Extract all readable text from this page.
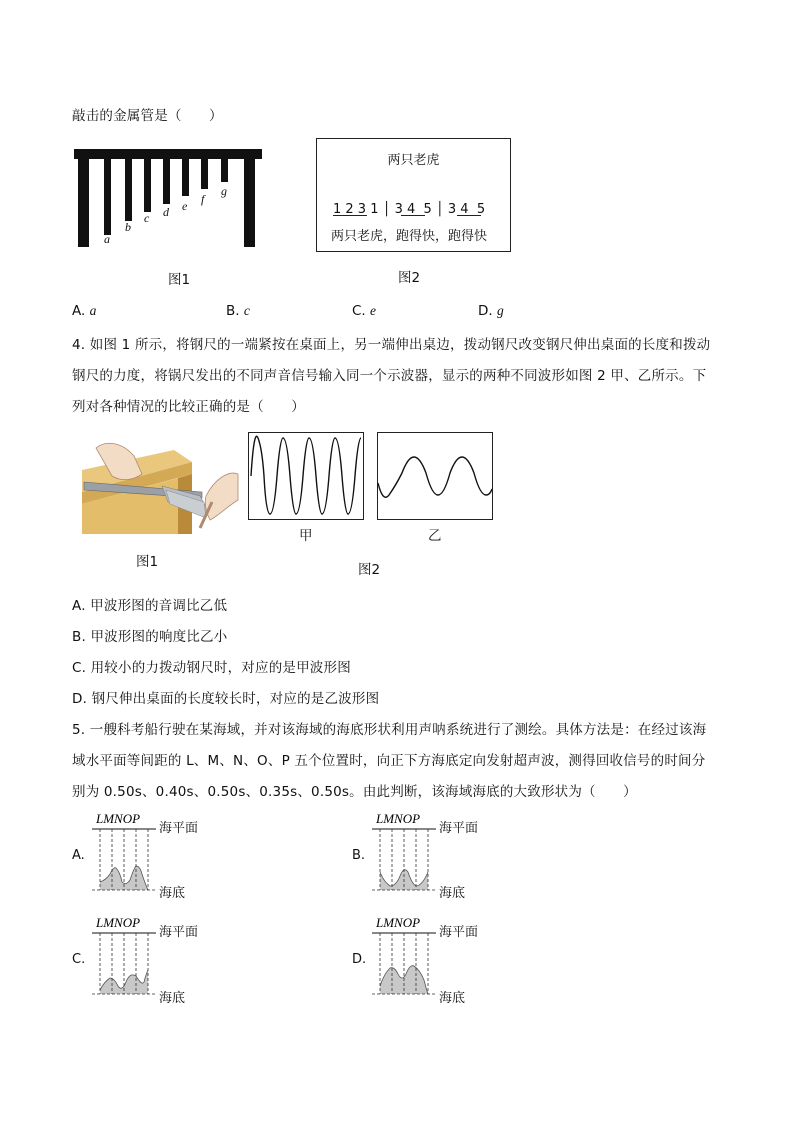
敲击的金属管是（　　）
a
b
c d e f
g
图1
两只老虎
1 2 3 1 │ 3 4  5 │ 3 4  5
两只老虎，跑得快，跑得快
图2
A. a	B. c	C. e	D. g
4. 如图 1 所示，将钢尺的一端紧按在桌面上，另一端伸出桌边，拨动钢尺改变钢尺伸出桌面的长度和拨动
钢尺的力度，将锅尺发出的不同声音信号输入同一个示波器，显示的两种不同波形如图 2 甲、乙所示。下
列对各种情况的比较正确的是（　　）
图1
甲	乙
图2
A. 甲波形图的音调比乙低
B. 甲波形图的响度比乙小
C. 用较小的力拨动钢尺时，对应的是甲波形图
D. 钢尺伸出桌面的长度较长时，对应的是乙波形图
5. 一艘科考船行驶在某海域，并对该海域的海底形状利用声呐系统进行了测绘。具体方法是：在经过该海
域水平面等间距的 L、M、N、O、P 五个位置时，向正下方海底定向发射超声波，测得回收信号的时间分
别为 0.50s、0.40s、0.50s、0.35s、0.50s。由此判断，该海域海底的大致形状为（　　）
A.
LMNOP
海平面
海底
B.
LMNOP
海平面
海底
C.
LMNOP
海平面
海底
D.
LMNOP
海平面
海底
